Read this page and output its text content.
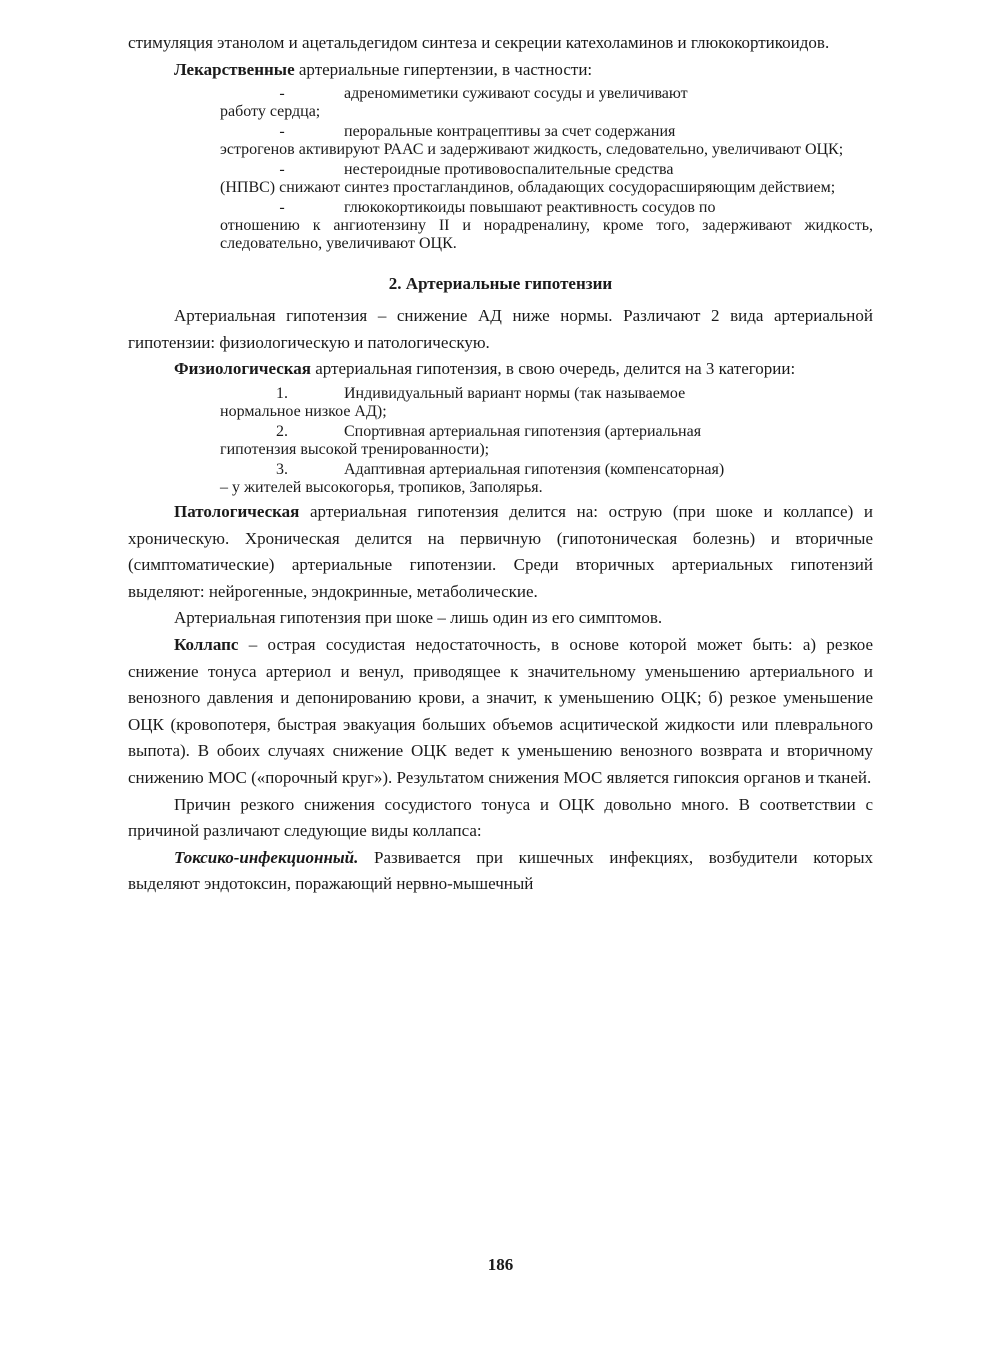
стимуляция этанолом и ацетальдегидом синтеза и секреции катехоламинов и глюкокортикоидов.

Лекарственные артериальные гипертензии, в частности:

-	адреномиметики суживают сосуды и увеличивают
работу сердца;
-	пероральные контрацептивы за счет содержания
эстрогенов активируют РААС и задерживают жидкость, следовательно, увеличивают ОЦК;
-	нестероидные противовоспалительные средства
(НПВС) снижают синтез простагландинов, обладающих сосудорасширяющим действием;
-	глюкокортикоиды повышают реактивность сосудов по
отношению к ангиотензину II и норадреналину, кроме того, задерживают жидкость, следовательно, увеличивают ОЦК.
2. Артериальные гипотензии

Артериальная гипотензия – снижение АД ниже нормы. Различают 2 вида артериальной гипотензии: физиологическую и патологическую.

Физиологическая артериальная гипотензия, в свою очередь, делится на 3 категории:

1.	Индивидуальный вариант нормы (так называемое
нормальное низкое АД);
2.	Спортивная артериальная гипотензия (артериальная
гипотензия высокой тренированности);
3.	Адаптивная артериальная гипотензия (компенсаторная)
– у жителей высокогорья, тропиков, Заполярья.

Патологическая артериальная гипотензия делится на: острую (при шоке и коллапсе) и хроническую. Хроническая делится на первичную (гипотоническая болезнь) и вторичные (симптоматические) артериальные гипотензии. Среди вторичных артериальных гипотензий выделяют: нейрогенные, эндокринные, метаболические.

Артериальная гипотензия при шоке – лишь один из его симптомов.

Коллапс – острая сосудистая недостаточность, в основе которой может быть: а) резкое снижение тонуса артериол и венул, приводящее к значительному уменьшению артериального и венозного давления и депонированию крови, а значит, к уменьшению ОЦК; б) резкое уменьшение ОЦК (кровопотеря, быстрая эвакуация больших объемов асцитической жидкости или плеврального выпота). В обоих случаях снижение ОЦК ведет к уменьшению венозного возврата и вторичному снижению МОС («порочный круг»). Результатом снижения МОС является гипоксия органов и тканей.

Причин резкого снижения сосудистого тонуса и ОЦК довольно много. В соответствии с причиной различают следующие виды коллапса:

Токсико-инфекционный. Развивается при кишечных инфекциях, возбудители которых выделяют эндотоксин, поражающий нервно-мышечный

186
